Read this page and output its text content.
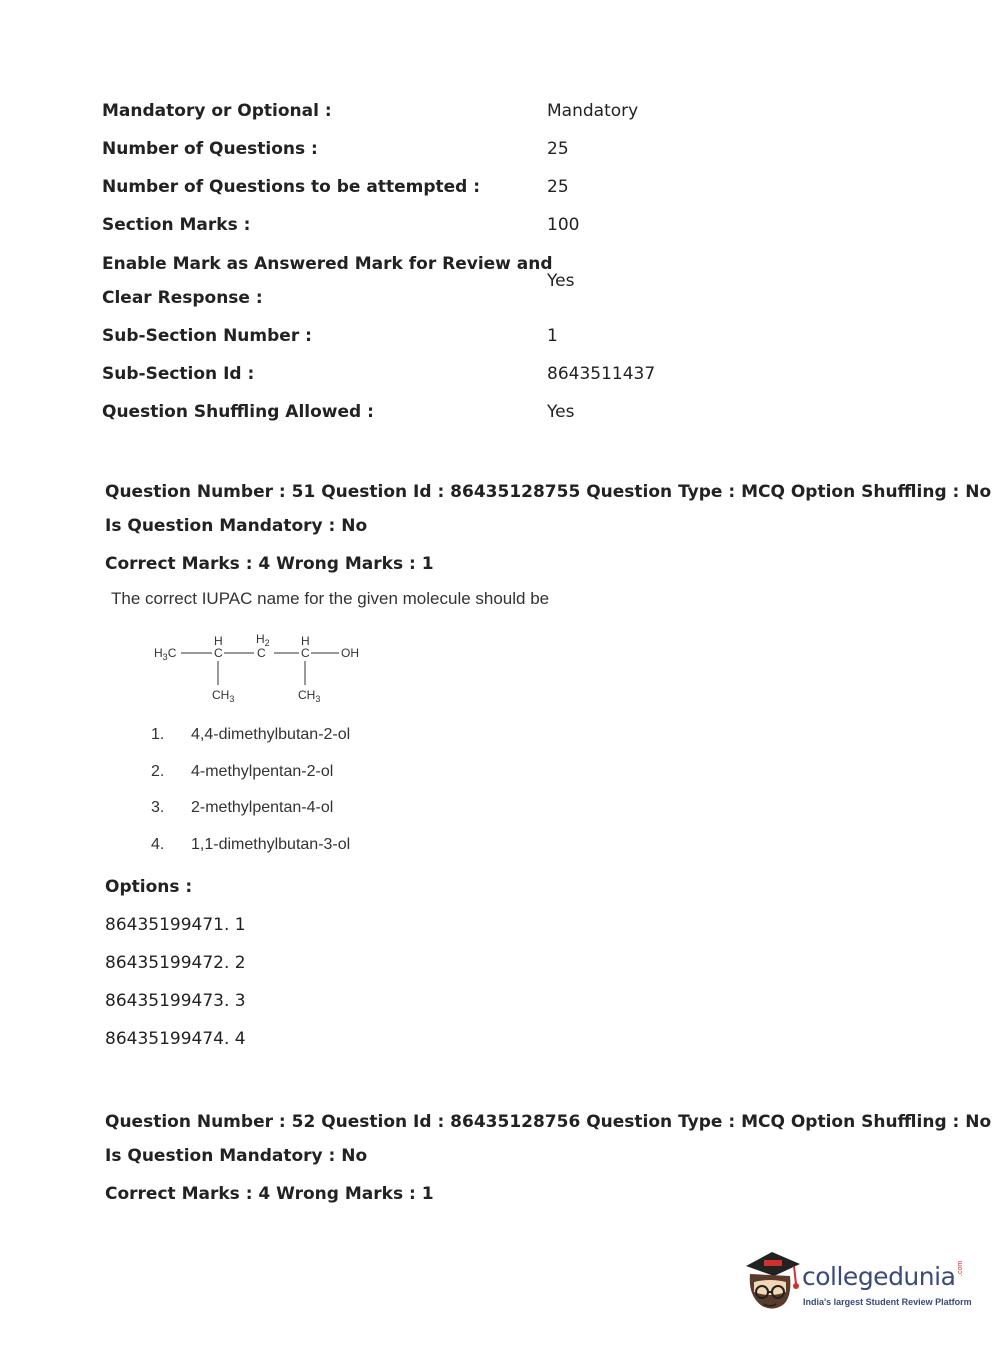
Mandatory or Optional :	Mandatory
Number of Questions :	25
Number of Questions to be attempted :	25
Section Marks :	100
Enable Mark as Answered Mark for Review and
Clear Response :
Yes
Sub-Section Number :	1
Sub-Section Id :	8643511437
Question Shuffling Allowed :	Yes
Question Number : 51 Question Id : 86435128755 Question Type : MCQ Option Shuffling : No
Is Question Mandatory : No
Correct Marks : 4 Wrong Marks : 1
The correct IUPAC name for the given molecule should be
$H_3C$
H
C
$H_2$
C
H
C	OH
$CH_3$	$CH_3$
1. 4,4-dimethylbutan-2-ol
2. 4-methylpentan-2-ol
3. 2-methylpentan-4-ol
4. 1,1-dimethylbutan-3-ol
Options :
86435199471. 1
86435199472. 2
86435199473. 3
86435199474. 4
Question Number : 52 Question Id : 86435128756 Question Type : MCQ Option Shuffling : No
Is Question Mandatory : No
Correct Marks : 4 Wrong Marks : 1
collegedunia .com
India's largest Student Review Platform
